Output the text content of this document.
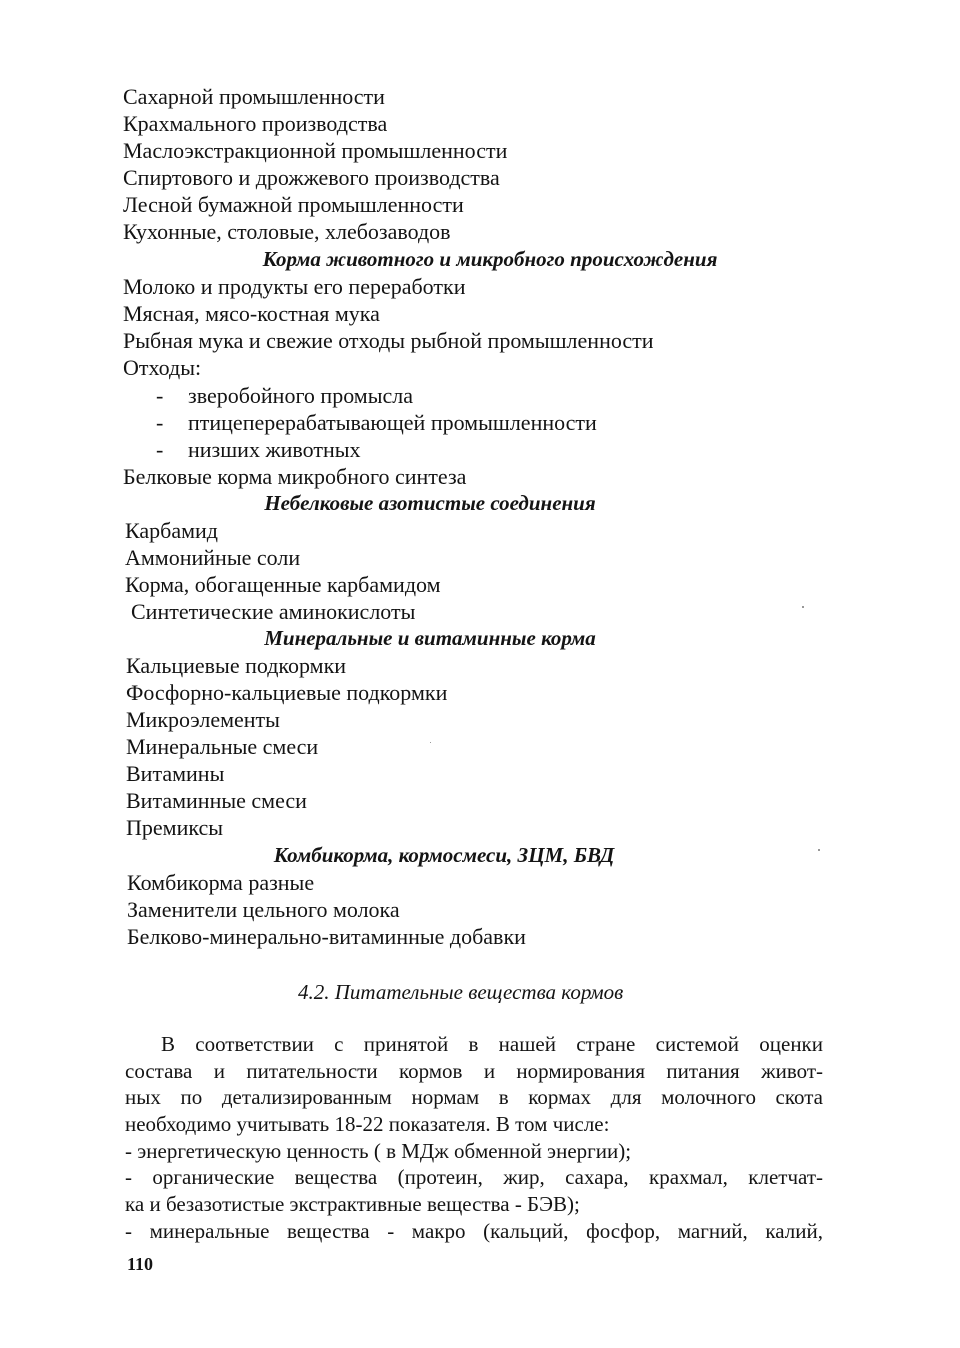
Сахарной промышленности
Крахмального производства
Маслоэкстракционной промышленности
Спиртового и дрожжевого производства
Лесной бумажной промышленности
Кухонные, столовые, хлебозаводов
Корма животного и микробного происхождения
Молоко и продукты его переработки
Мясная, мясо-костная мука
Рыбная мука и свежие отходы рыбной промышленности
Отходы:
- зверобойного промысла
- птицеперерабатывающей промышленности
- низших животных
Белковые корма микробного синтеза
Небелковые азотистые соединения
Карбамид
Аммонийные соли
Корма, обогащенные карбамидом
Синтетические аминокислоты
Минеральные и витаминные корма
Кальциевые подкормки
Фосфорно-кальциевые подкормки
Микроэлементы
Минеральные смеси
Витамины
Витаминные смеси
Премиксы
Комбикорма, кормосмеси, ЗЦМ, БВД
Комбикорма разные
Заменители цельного молока
Белково-минерально-витаминные добавки
4.2. Питательные вещества кормов
В соответствии с принятой в нашей стране системой оценки
состава и питательности кормов и нормирования питания живот-
ных по детализированным нормам в кормах для молочного скота
необходимо учитывать 18-22 показателя. В том числе:
- энергетическую ценность ( в МДж обменной энергии);
- органические вещества (протеин, жир, сахара, крахмал, клетчат-
ка и безазотистые экстрактивные вещества - БЭВ);
- минеральные вещества - макро (кальций, фосфор, магний, калий,
110
